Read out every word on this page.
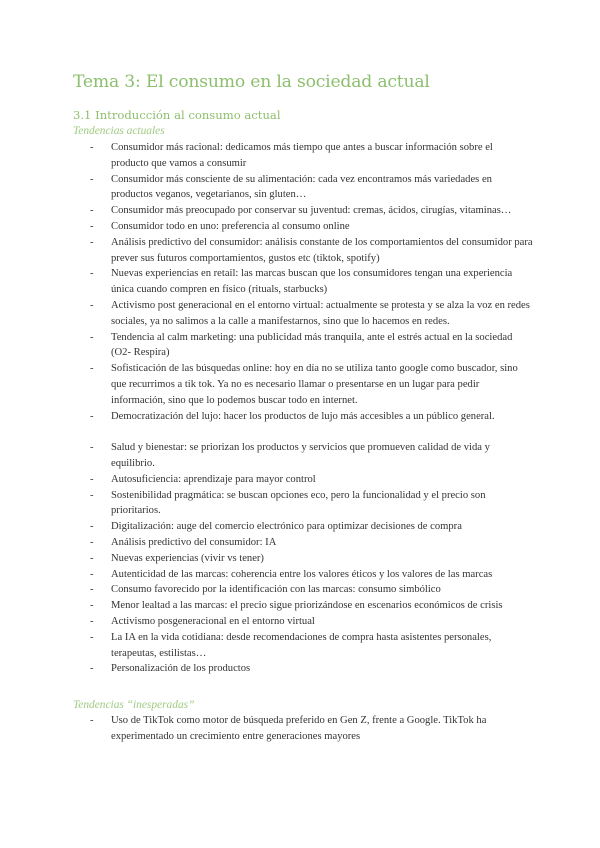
Tema 3: El consumo en la sociedad actual
3.1 Introducción al consumo actual
Tendencias actuales
- Consumidor más racional: dedicamos más tiempo que antes a buscar información sobre el producto que vamos a consumir
- Consumidor más consciente de su alimentación: cada vez encontramos más variedades en productos veganos, vegetarianos, sin gluten…
- Consumidor más preocupado por conservar su juventud: cremas, ácidos, cirugías, vitaminas…
- Consumidor todo en uno: preferencia al consumo online
- Análisis predictivo del consumidor: análisis constante de los comportamientos del consumidor para prever sus futuros comportamientos, gustos etc (tiktok, spotify)
- Nuevas experiencias en retail: las marcas buscan que los consumidores tengan una experiencia única cuando compren en físico (rituals, starbucks)
- Activismo post generacional en el entorno virtual: actualmente se protesta y se alza la voz en redes sociales, ya no salimos a la calle a manifestarnos, sino que lo hacemos en redes.
- Tendencia al calm marketing: una publicidad más tranquila, ante el estrés actual en la sociedad (O2- Respira)
- Sofisticación de las búsquedas online: hoy en día no se utiliza tanto google como buscador, sino que recurrimos a tik tok. Ya no es necesario llamar o presentarse en un lugar para pedir información, sino que lo podemos buscar todo en internet.
- Democratización del lujo: hacer los productos de lujo más accesibles a un público general.
- Salud y bienestar: se priorizan los productos y servicios que promueven calidad de vida y equilibrio.
- Autosuficiencia: aprendizaje para mayor control
- Sostenibilidad pragmática: se buscan opciones eco, pero la funcionalidad y el precio son prioritarios.
- Digitalización: auge del comercio electrónico para optimizar decisiones de compra
- Análisis predictivo del consumidor: IA
- Nuevas experiencias (vivir vs tener)
- Autenticidad de las marcas: coherencia entre los valores éticos y los valores de las marcas
- Consumo favorecido por la identificación con las marcas: consumo simbólico
- Menor lealtad a las marcas: el precio sigue priorizándose en escenarios económicos de crisis
- Activismo posgeneracional en el entorno virtual
- La IA en la vida cotidiana: desde recomendaciones de compra hasta asistentes personales, terapeutas, estilistas…
- Personalización de los productos
Tendencias “inesperadas”
- Uso de TikTok como motor de búsqueda preferido en Gen Z, frente a Google. TikTok ha experimentado un crecimiento entre generaciones mayores
